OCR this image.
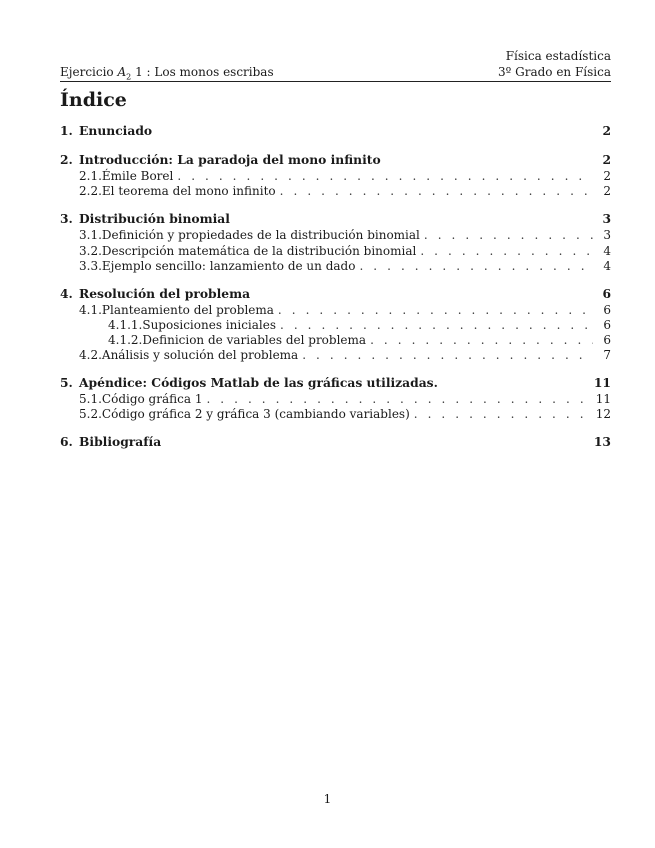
Física estadística
Ejercicio $A_2$ 1 : Los monos escribas	3º Grado en Física
Índice
1. Enunciado	2
2. Introducción: La paradoja del mono infinito	2
2.1. Émile Borel . . .	2
2.2. El teorema del mono infinito . . .	2
3. Distribución binomial	3
3.1. Definición y propiedades de la distribución binomial . . .	3
3.2. Descripción matemática de la distribución binomial . . .	4
3.3. Ejemplo sencillo: lanzamiento de un dado . . .	4
4. Resolución del problema	6
4.1. Planteamiento del problema . . .	6
4.1.1. Suposiciones iniciales . . .	6
4.1.2. Definicion de variables del problema . . .	6
4.2. Análisis y solución del problema . . .	7
5. Apéndice: Códigos Matlab de las gráficas utilizadas.	11
5.1. Código gráfica 1 . . .	11
5.2. Código gráfica 2 y gráfica 3 (cambiando variables) . . .	12
6. Bibliografía	13
1
